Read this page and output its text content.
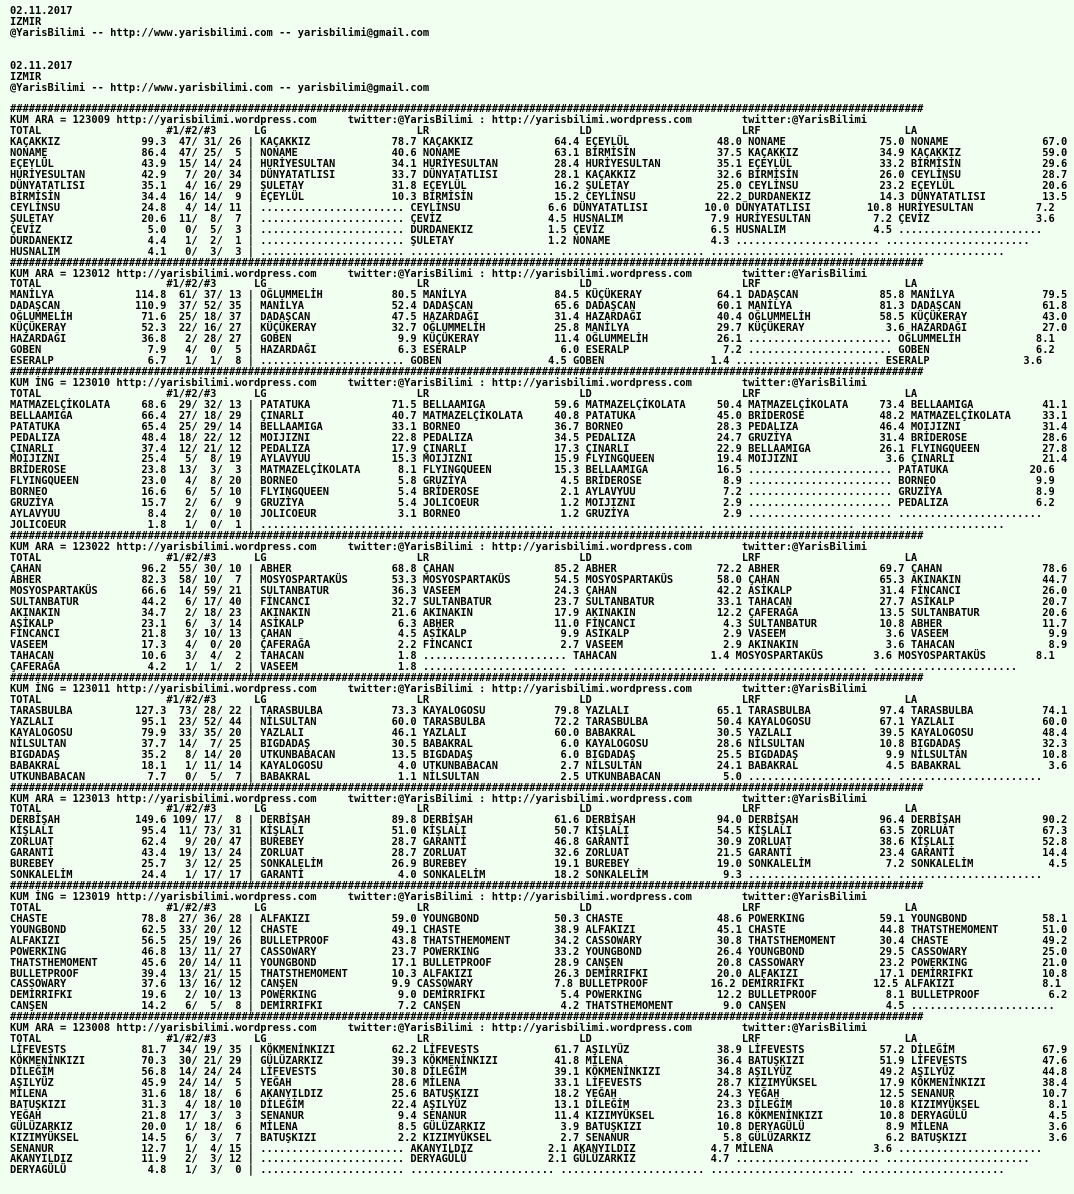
02.11.2017
IZMIR
@YarisBilimi -- http://www.yarisbilimi.com -- yarisbilimi@gmail.com

02.11.2017
IZMIR
@YarisBilimi -- http://www.yarisbilimi.com -- yarisbilimi@gmail.com

##################################################################################################################################################
KUM ARA = 123009 http://yarisbilimi.wordpress.com     twitter:@YarisBilimi : http://yarisbilimi.wordpress.com        twitter:@YarisBilimi
TOTAL                    #1/#2/#3      LG                        LR                        LD                        LRF                       LA
KAÇAKKIZ             99.3  47/ 31/ 26 | KAÇAKKIZ             78.7 KAÇAKKIZ             64.4 EÇEYLÜL              48.0 NONAME               75.0 NONAME               67.0
NONAMẸ               86.4  47/ 25/  5 | NONAME               40.6 NONAME               63.1 BİRMİSİN             37.5 KAÇAKKIZ             34.9 KAÇAKKIZ             59.0
EÇEYLÜL              43.9  15/ 14/ 24 | HURİYESULTAN         34.1 HURİYESULTAN         28.4 HURİYESULTAN         35.1 EÇEYLÜL              33.2 BİRMİSİN             29.6
HURİYESULTAN         42.9   7/ 20/ 34 | DÜNYATATLISI         33.7 DÜNYATATLISI         28.1 KAÇAKKIZ             32.6 BİRMİSİN             26.0 CEYLİNSU             28.7
DÜNYATATLISI         35.1   4/ 16/ 29 | ŞULETAY              31.8 EÇEYLÜL              16.2 ŞULETAY              25.0 CEYLİNSU             23.2 EÇEYLÜL              20.6
BİRMİSİN             34.4  16/ 14/  9 | EÇEYLÜL              10.3 BİRMİSİN             15.2 CEYLİNSU             22.2 DURDANEKIZ           14.3 DÜNYATATLISI         13.5
CEYLİNSU             24.8   4/ 14/ 11 | ....................... CEYLİNSU              6.6 DÜNYATATLISI         10.0 DÜNYATATLISI         10.8 HURİYESULTAN          7.2
ŞULETAY              20.6  11/  8/  7 | ....................... ÇEVİZ                 4.5 HUSNALIM              7.9 HURİYESULTAN          7.2 ÇEVİZ                 3.6
ÇEVİZ                 5.0   0/  5/  3 | ....................... DURDANEKIZ            1.5 ÇEVİZ                 6.5 HUSNALIM              4.5 .......................
DURDANEKIZ            4.4   1/  2/  1 | ....................... ŞULETAY               1.2 NONAME                4.3 ....................... .......................
HUSNALIM              4.1   0/  3/  3 | ....................... ....................... ....................... ....................... .......................
##################################################################################################################################################
KUM ARA = 123012 http://yarisbilimi.wordpress.com     twitter:@YarisBilimi : http://yarisbilimi.wordpress.com        twitter:@YarisBilimi
TOTAL                    #1/#2/#3      LG                        LR                        LD                        LRF                       LA
MANİLYA             114.8  61/ 37/ 13 | OĞLUMMELİH           80.5 MANİLYA              84.5 KÜÇÜKERAY            64.1 DADAŞCAN             85.8 MANİLYA              79.5
DADAŞCAN            110.9  37/ 52/ 35 | MANİLYA              52.4 DADAŞCAN             65.6 DADAŞCAN             60.1 MANİLYA              81.3 DADAŞCAN             61.8
OĞLUMMELİH           71.6  25/ 18/ 37 | DADAŞCAN             47.5 HAZARDAĞI            31.4 HAZARDAĞI            40.4 OĞLUMMELİH           58.5 KÜÇÜKERAY            43.0
KÜÇÜKERAY            52.3  22/ 16/ 27 | KÜÇÜKERAY            32.7 OĞLUMMELİH           25.8 MANİLYA              29.7 KÜÇÜKERAY             3.6 HAZARDAĞI            27.0
HAZARDAĞI            36.8   2/ 28/ 27 | GOBEN                 9.9 KÜÇÜKERAY            11.4 OĞLUMMELİH           26.1 ....................... OĞLUMMELİH            8.1
GOBEN                 7.9   4/  0/  5 | HAZARDAĞI             6.3 ESERALP               6.0 ESERALP               7.2 ....................... GOBEN                 6.2
ESERALP               6.7   1/  1/  8 | ....................... GOBEN                 4.5 GOBEN                 1.4 ....................... ESERALP               3.6
##################################################################################################################################################
KUM İNG = 123010 http://yarisbilimi.wordpress.com     twitter:@YarisBilimi : http://yarisbilimi.wordpress.com        twitter:@YarisBilimi
TOTAL                    #1/#2/#3      LG                        LR                        LD                        LRF                       LA
MATMAZELÇİKOLATA     68.6  29/ 32/ 13 | PATATUKA             71.5 BELLAAMIGA           59.6 MATMAZELÇİKOLATA     50.4 MATMAZELÇİKOLATA     73.4 BELLAAMIGA           41.1
BELLAAMIGA           66.4  27/ 18/ 29 | ÇINARLI              40.7 MATMAZELÇİKOLATA     40.8 PATATUKA             45.0 BRİDEROSE            48.2 MATMAZELÇİKOLATA     33.1
PATATUKA             65.4  25/ 29/ 14 | BELLAAMIGA           33.1 BORNEO               36.7 BORNEO               28.3 PEDALIZA             46.4 MOIJIZNI             31.4
PEDALIZA             48.4  18/ 22/ 12 | MOIJIZNI             22.8 PEDALIZA             34.5 PEDALIZA             24.7 GRUZİYA              31.4 BRİDEROSE            28.6
ÇINARLI              37.4  12/ 21/ 12 | PEDALIZA             17.9 ÇINARLI              17.3 ÇINARLI              22.9 BELLAAMIGA           26.1 FLYINGQUEEN          27.8
MOIJIZNI             25.4   5/  8/ 19 | AYLAVYUU             15.3 MOIJIZNI             15.9 FLYINGQUEEN          19.4 MOIJIZNI              3.6 ÇINARLI              21.4
BRİDEROSE            23.8  13/  3/  3 | MATMAZELÇİKOLATA      8.1 FLYINGQUEEN          15.3 BELLAAMIGA           16.5 ....................... PATATUKA             20.6
FLYINGQUEEN          23.0   4/  8/ 20 | BORNEO                5.8 GRUZİYA               4.5 BRİDEROSE             8.9 ....................... BORNEO                9.9
BORNEO               16.6   6/  5/ 10 | FLYINGQUEEN           5.4 BRİDEROSE             2.1 AYLAVYUU              7.2 ....................... GRUZİYA               8.9
GRUZİYA              15.7   2/  6/  9 | GRUZİYA               5.4 JOLICOEUR             1.2 MOIJIZNI              2.9 ....................... PEDALIZA              6.2
AYLAVYUU              8.4   2/  0/ 10 | JOLICOEUR             3.1 BORNEO                1.2 GRUZİYA               2.9 ....................... .......................
JOLICOEUR             1.8   1/  0/  1 | ....................... ....................... ....................... ....................... .......................
##################################################################################################################################################
KUM ARA = 123022 http://yarisbilimi.wordpress.com     twitter:@YarisBilimi : http://yarisbilimi.wordpress.com        twitter:@YarisBilimi
TOTAL                    #1/#2/#3      LG                        LR                        LD                        LRF                       LA
ÇAHAN                96.2  55/ 30/ 10 | ABHER                68.8 ÇAHAN                85.2 ABHER                72.2 ABHER                69.7 ÇAHAN                78.6
ABHER                82.3  58/ 10/  7 | MOSYOSPARTAKÜS       53.3 MOSYOSPARTAKÜS       54.5 MOSYOSPARTAKÜS       58.0 ÇAHAN                65.3 AKINAKIN             44.7
MOSYOSPARTAKÜS       66.6  14/ 59/ 21 | SULTANBATUR          36.3 VASEEM               24.3 ÇAHAN                42.2 ASİKALP              31.4 FİNCANCI             26.0
SULTANBATUR          44.2   6/ 17/ 40 | FİNCANCI             32.7 SULTANBATUR          23.7 SULTANBATUR          33.1 TAHACAN              27.7 ASİKALP              20.7
AKINAKIN             34.7   2/ 18/ 23 | AKINAKIN             21.6 AKINAKIN             17.9 AKINAKIN             12.2 ÇAFERAĞA             13.5 SULTANBATUR          20.6
ASİKALP              23.1   6/  3/ 14 | ASİKALP               6.3 ABHER                11.0 FİNCANCI              4.3 SULTANBATUR          10.8 ABHER                11.7
FİNCANCI             21.8   3/ 10/ 13 | ÇAHAN                 4.5 ASİKALP               9.9 ASİKALP               2.9 VASEEM                3.6 VASEEM                9.9
VASEEM               17.3   4/  0/ 20 | ÇAFERAĞA              2.2 FİNCANCI              2.7 VASEEM                2.9 AKINAKIN              3.6 TAHACAN               8.9
TAHACAN              10.6   3/  4/  2 | TAHACAN               1.8 ....................... TAHACAN               1.4 MOSYOSPARTAKÜS        3.6 MOSYOSPARTAKÜS        8.1
ÇAFERAĞA              4.2   1/  1/  2 | VASEEM                1.8 ....................... ....................... ....................... .......................
##################################################################################################################################################
KUM İNG = 123011 http://yarisbilimi.wordpress.com     twitter:@YarisBilimi : http://yarisbilimi.wordpress.com        twitter:@YarisBilimi
TOTAL                    #1/#2/#3      LG                        LR                        LD                        LRF                       LA
TARASBULBA          127.3  73/ 28/ 22 | TARASBULBA           73.3 KAYALOGOSU           79.8 YAZLALI              65.1 TARASBULBA           97.4 TARASBULBA           74.1
YAZLALI              95.1  23/ 52/ 44 | NİLSULTAN            60.0 TARASBULBA           72.2 TARASBULBA           50.4 KAYALOGOSU           67.1 YAZLALI              60.0
KAYALOGOSU           79.9  33/ 35/ 20 | YAZLALI              46.1 YAZLALI              60.0 BABAKRAL             30.5 YAZLALI              39.5 KAYALOGOSU           48.4
NİLSULTAN            37.7  14/  7/ 25 | BIGDADAŞ             30.5 BABAKRAL              6.0 KAYALOGOSU           28.6 NİLSULTAN            10.8 BIGDADAŞ             32.3
BIGDADAŞ             35.2   8/ 14/ 20 | UTKUNBABACAN         13.5 BIGDADAŞ              6.0 BIGDADAŞ             25.5 BIGDADAŞ              9.9 NİLSULTAN            10.8
BABAKRAL             18.1   1/ 11/ 14 | KAYALOGOSU            4.0 UTKUNBABACAN          2.7 NİLSULTAN            24.1 BABAKRAL              4.5 BABAKRAL              3.6
UTKUNBABACAN          7.7   0/  5/  7 | BABAKRAL              1.1 NİLSULTAN             2.5 UTKUNBABACAN          5.0 ....................... .......................
##################################################################################################################################################
KUM ARA = 123013 http://yarisbilimi.wordpress.com     twitter:@YarisBilimi : http://yarisbilimi.wordpress.com        twitter:@YarisBilimi
TOTAL                    #1/#2/#3      LG                        LR                        LD                        LRF                       LA
DERBİŞAH            149.6 109/ 17/  8 | DERBİŞAH             89.8 DERBİŞAH             61.6 DERBİŞAH             94.0 DERBİŞAH             96.4 DERBİŞAH             90.2
KİŞLALI              95.4  11/ 73/ 31 | KİŞLALI              51.0 KİŞLALI              50.7 KİŞLALI              54.5 KİŞLALI              63.5 ZORLUAT              67.3
ZORLUAT              62.4   9/ 20/ 47 | BUREBEY              28.7 GARANTİ              46.8 GARANTİ              30.9 ZORLUAT              38.6 KİŞLALI              52.8
GARANTİ              43.4  19/ 13/ 24 | ZORLUAT              28.7 ZORLUAT              32.6 ZORLUAT              21.5 GARANTİ              23.4 GARANTİ              14.4
BUREBEY              25.7   3/ 12/ 25 | SONKALELİM           26.9 BUREBEY              19.1 BUREBEY              19.0 SONKALELİM            7.2 SONKALELİM            4.5
SONKALELİM           24.4   1/ 17/ 17 | GARANTİ               4.0 SONKALELİM           18.2 SONKALELİM            9.3 ....................... .......................
##################################################################################################################################################
KUM İNG = 123019 http://yarisbilimi.wordpress.com     twitter:@YarisBilimi : http://yarisbilimi.wordpress.com        twitter:@YarisBilimi
TOTAL                    #1/#2/#3      LG                        LR                        LD                        LRF                       LA
CHASTE               78.8  27/ 36/ 28 | ALFAKIZI             59.0 YOUNGBOND            50.3 CHASTE               48.6 POWERKING            59.1 YOUNGBOND            58.1
YOUNGBOND            62.5  33/ 20/ 12 | CHASTE               49.1 CHASTE               38.9 ALFAKIZI             45.1 CHASTE               44.8 THATSTHEMOMENT       51.0
ALFAKIZI             56.5  25/ 19/ 26 | BULLETPROOF          43.8 THATSTHEMOMENT       34.2 CASSOWARY            30.8 THATSTHEMOMENT       30.4 CHASTE               49.2
POWERKING            46.8  13/ 11/ 27 | CASSOWARY            23.7 POWERKING            33.2 YOUNGBOND            26.4 YOUNGBOND            29.5 CASSOWARY            25.0
THATSTHEMOMENT       45.6  20/ 14/ 11 | YOUNGBOND            17.1 BULLETPROOF          28.9 CANŞEN               20.8 CASSOWARY            23.2 POWERKING            21.0
BULLETPROOF          39.4  13/ 21/ 15 | THATSTHEMOMENT       10.3 ALFAKIZI             26.3 DEMİRRIFKI           20.0 ALFAKIZI             17.1 DEMİRRIFKI           10.8
CASSOWARY            37.6  13/ 16/ 12 | CANŞEN               9.9 CASSOWARY             7.8 BULLETPROOF          16.2 DEMİRRIFKI           12.5 ALFAKIZI              8.1
DEMİRRIFKI           19.6   2/ 10/ 13 | POWERKING             9.0 DEMİRRIFKI            5.4 POWERKING            12.2 BULLETPROOF           8.1 BULLETPROOF           6.2
CANŞEN               14.2   6/  5/  8 | DEMİRRIFKI            7.2 CANŞEN                4.2 THATSTHEMOMENT        9.0 CANŞEN                4.5 .......................
##################################################################################################################################################
KUM ARA = 123008 http://yarisbilimi.wordpress.com     twitter:@YarisBilimi : http://yarisbilimi.wordpress.com        twitter:@YarisBilimi
TOTAL                    #1/#2/#3      LG                        LR                        LD                        LRF                       LA
LİFEVESTS            81.7  34/ 19/ 35 | KÖKMENİNKIZI         62.2 LİFEVESTS            61.7 AŞILYÜZ              38.9 LİFEVESTS            57.2 DİLEĞİM              67.9
KÖKMENİNKIZI         70.3  30/ 21/ 29 | GÜLÜZARKIZ           39.3 KÖKMENİNKIZI         41.8 MİLENA               36.4 BATUŞKIZI            51.9 LİFEVESTS            47.6
DİLEĞİM              56.8  14/ 24/ 24 | LİFEVESTS            30.8 DİLEĞİM              39.1 KÖKMENİNKIZI         34.8 AŞILYÜZ              49.2 AŞILYÜZ              44.8
AŞILYÜZ              45.9  24/ 14/  5 | YEĞAH                28.6 MİLENA               33.1 LİFEVESTS            28.7 KIZIMYÜKSEL          17.9 KÖKMENİNKIZI         38.4
MİLENA               31.6  18/ 18/  6 | AKANYILDIZ           25.6 BATUŞKIZI            18.2 YEĞAH                24.3 YEĞAH                12.5 SENANUR              10.7
BATUŞKIZI            31.3   4/ 18/ 10 | DİLEĞİM              22.4 AŞILYÜZ              13.1 DİLEĞİM              23.3 DİLEĞİM              10.8 KIZIMYÜKSEL           8.1
YEĞAH                21.8  17/  3/  3 | SENANUR               9.4 SENANUR              11.4 KIZIMYÜKSEL          16.8 KÖKMENİNKIZI         10.8 DERYAGÜLÜ             4.5
GÜLÜZARKIZ           20.0   1/ 18/  6 | MİLENA                8.5 GÜLÜZARKIZ            3.9 BATUŞKIZI            10.8 DERYAGÜLÜ             8.9 MİLENA                3.6
KIZIMYÜKSEL          14.5   6/  3/  7 | BATUŞKIZI             2.2 KIZIMYÜKSEL           2.7 SENANUR               5.8 GÜLÜZARKIZ            6.2 BATUŞKIZI             3.6
SENANUR              12.7   1/  4/ 15 | ....................... AKANYILDIZ            2.1 AKANYILDIZ            4.7 MİLENA                3.6 .......................
AKANYILDIZ           11.9   2/  3/ 12 | ....................... DERYAGÜLÜ             2.1 GÜLÜZARKIZ            4.7 ....................... .......................
DERYAGÜLÜ             4.8   1/  3/  0 | ....................... ....................... ....................... ....................... .......................
